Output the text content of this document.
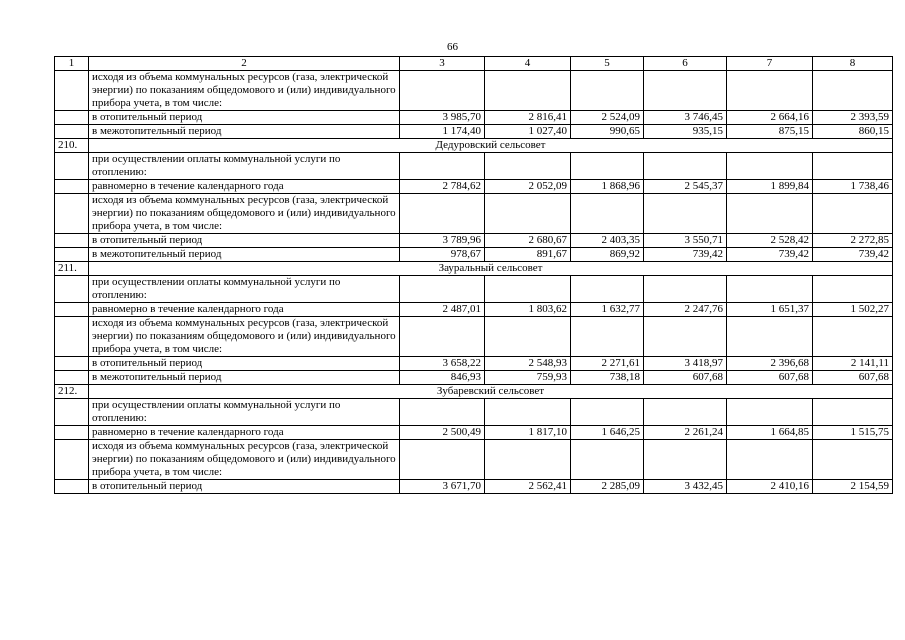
66
1	2	3	4	5	6	7	8
	исходя из объема коммунальных ресурсов (газа, электрической энергии) по показаниям общедомового и (или) индивидуального прибора учета, в том числе:						
	в отопительный период	3 985,70	2 816,41	2 524,09	3 746,45	2 664,16	2 393,59
	в межотопительный период	1 174,40	1 027,40	990,65	935,15	875,15	860,15
210.	Дедуровский сельсовет						
	при осуществлении оплаты коммунальной услуги по отоплению:						
	равномерно в течение календарного года	2 784,62	2 052,09	1 868,96	2 545,37	1 899,84	1 738,46
	исходя из объема коммунальных ресурсов (газа, электрической энергии) по показаниям общедомового и (или) индивидуального прибора учета, в том числе:						
	в отопительный период	3 789,96	2 680,67	2 403,35	3 550,71	2 528,42	2 272,85
	в межотопительный период	978,67	891,67	869,92	739,42	739,42	739,42
211.	Зауральный сельсовет						
	при осуществлении оплаты коммунальной услуги по отоплению:						
	равномерно в течение календарного года	2 487,01	1 803,62	1 632,77	2 247,76	1 651,37	1 502,27
	исходя из объема коммунальных ресурсов (газа, электрической энергии) по показаниям общедомового и (или) индивидуального прибора учета, в том числе:						
	в отопительный период	3 658,22	2 548,93	2 271,61	3 418,97	2 396,68	2 141,11
	в межотопительный период	846,93	759,93	738,18	607,68	607,68	607,68
212.	Зубаревский сельсовет						
	при осуществлении оплаты коммунальной услуги по отоплению:						
	равномерно в течение календарного года	2 500,49	1 817,10	1 646,25	2 261,24	1 664,85	1 515,75
	исходя из объема коммунальных ресурсов (газа, электрической энергии) по показаниям общедомового и (или) индивидуального прибора учета, в том числе:						
	в отопительный период	3 671,70	2 562,41	2 285,09	3 432,45	2 410,16	2 154,59
